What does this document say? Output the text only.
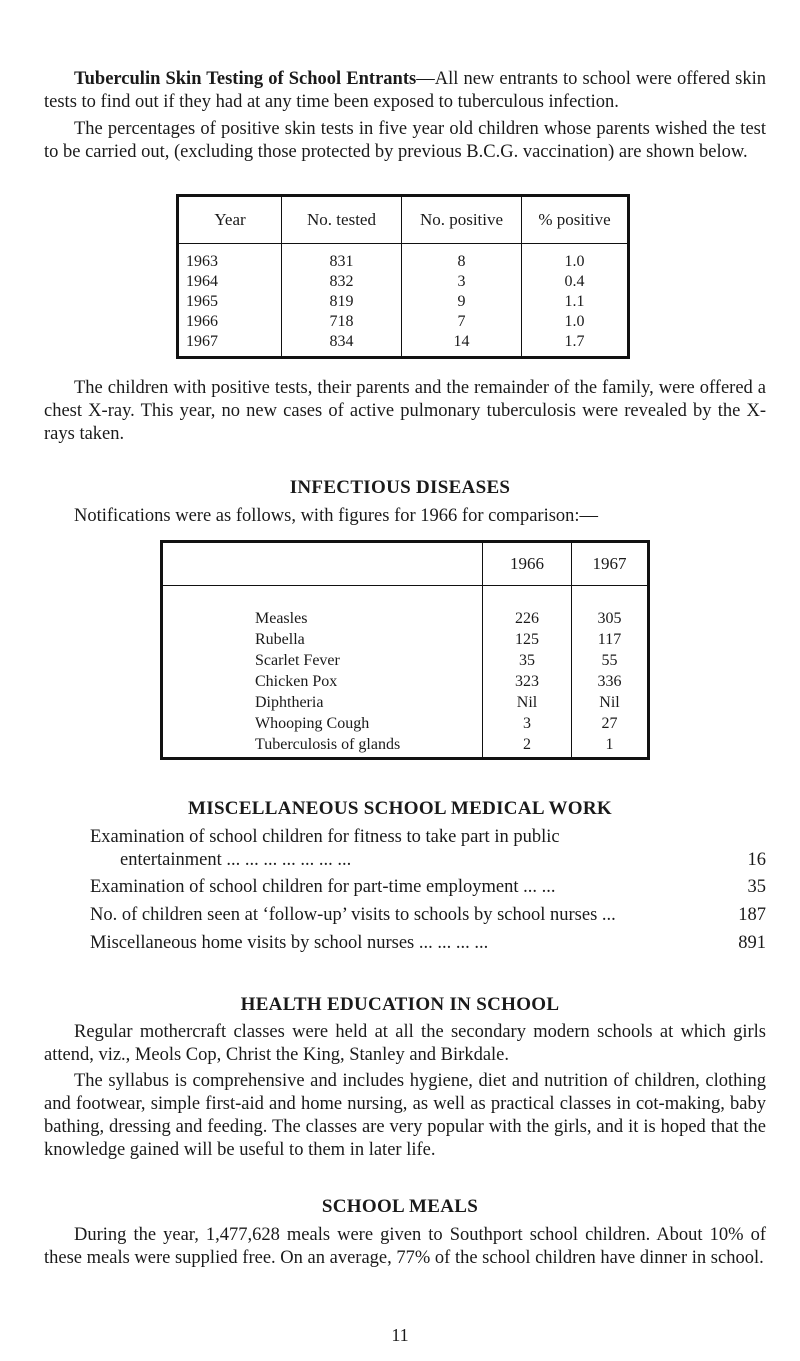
Tuberculin Skin Testing of School Entrants—All new entrants to school were offered skin tests to find out if they had at any time been exposed to tuberculous infection.

The percentages of positive skin tests in five year old children whose parents wished the test to be carried out, (excluding those protected by previous B.C.G. vaccination) are shown below.

Year	No. tested	No. positive	% positive
1963	831	8	1.0
1964	832	3	0.4
1965	819	9	1.1
1966	718	7	1.0
1967	834	14	1.7

The children with positive tests, their parents and the remainder of the family, were offered a chest X-ray. This year, no new cases of active pulmonary tuberculosis were revealed by the X-rays taken.

INFECTIOUS DISEASES

Notifications were as follows, with figures for 1966 for comparison:—

	1966	1967
Measles	226	305
Rubella	125	117
Scarlet Fever	35	55
Chicken Pox	323	336
Diphtheria	Nil	Nil
Whooping Cough	3	27
Tuberculosis of glands	2	1
MISCELLANEOUS SCHOOL MEDICAL WORK
Examination of school children for fitness to take part in public
entertainment ... ... ... ... ... ... ...	16
Examination of school children for part-time employment ... ...	35
No. of children seen at ‘follow-up’ visits to schools by school nurses ...	187
Miscellaneous home visits by school nurses ... ... ... ...	891
HEALTH EDUCATION IN SCHOOL

Regular mothercraft classes were held at all the secondary modern schools at which girls attend, viz., Meols Cop, Christ the King, Stanley and Birkdale.

The syllabus is comprehensive and includes hygiene, diet and nutrition of children, clothing and footwear, simple first-aid and home nursing, as well as practical classes in cot-making, baby bathing, dressing and feeding. The classes are very popular with the girls, and it is hoped that the knowledge gained will be useful to them in later life.

SCHOOL MEALS

During the year, 1,477,628 meals were given to Southport school children. About 10% of these meals were supplied free. On an average, 77% of the school children have dinner in school.

11
